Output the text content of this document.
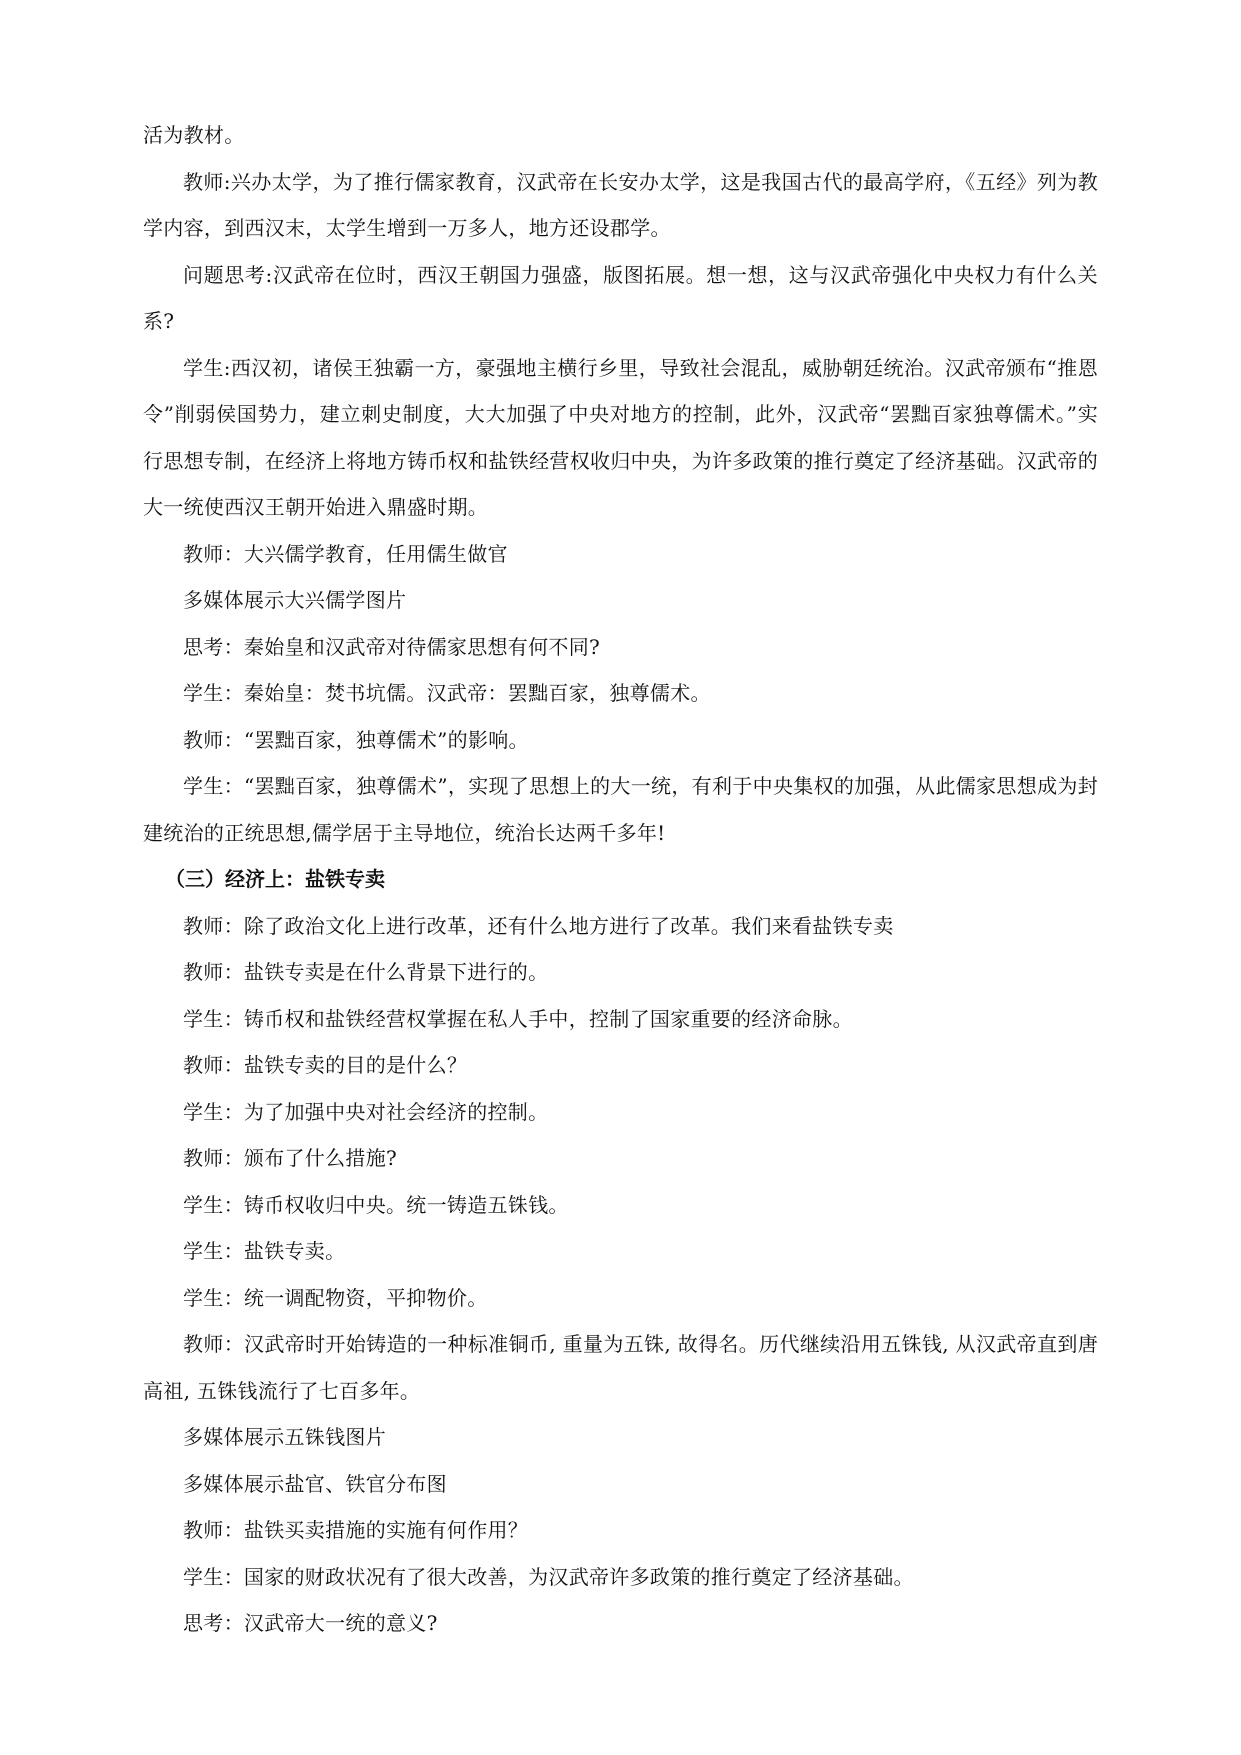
活为教材。

教师:兴办太学，为了推行儒家教育，汉武帝在长安办太学，这是我国古代的最高学府，《五经》列为教学内容，到西汉末，太学生增到一万多人，地方还设郡学。

问题思考:汉武帝在位时，西汉王朝国力强盛，版图拓展。想一想，这与汉武帝强化中央权力有什么关系?

学生:西汉初，诸侯王独霸一方，豪强地主横行乡里，导致社会混乱，威胁朝廷统治。汉武帝颁布“推恩令”削弱侯国势力，建立刺史制度，大大加强了中央对地方的控制，此外，汉武帝“罢黜百家独尊儒术。”实行思想专制，在经济上将地方铸币权和盐铁经营权收归中央，为许多政策的推行奠定了经济基础。汉武帝的大一统使西汉王朝开始进入鼎盛时期。

教师：大兴儒学教育，任用儒生做官

多媒体展示大兴儒学图片

思考：秦始皇和汉武帝对待儒家思想有何不同?

学生：秦始皇：焚书坑儒。汉武帝：罢黜百家，独尊儒术。

教师：“罢黜百家，独尊儒术”的影响。

学生：“罢黜百家，独尊儒术”，实现了思想上的大一统，有利于中央集权的加强，从此儒家思想成为封建统治的正统思想,儒学居于主导地位，统治长达两千多年!

（三）经济上：盐铁专卖

教师：除了政治文化上进行改革，还有什么地方进行了改革。我们来看盐铁专卖

教师：盐铁专卖是在什么背景下进行的。

学生：铸币权和盐铁经营权掌握在私人手中，控制了国家重要的经济命脉。

教师：盐铁专卖的目的是什么？

学生：为了加强中央对社会经济的控制。

教师：颁布了什么措施?

学生：铸币权收归中央。统一铸造五铢钱。

学生：盐铁专卖。

学生：统一调配物资，平抑物价。

教师：汉武帝时开始铸造的一种标准铜币, 重量为五铢, 故得名。历代继续沿用五铢钱, 从汉武帝直到唐高祖, 五铢钱流行了七百多年。

多媒体展示五铢钱图片

多媒体展示盐官、铁官分布图

教师：盐铁买卖措施的实施有何作用？

学生：国家的财政状况有了很大改善，为汉武帝许多政策的推行奠定了经济基础。

思考：汉武帝大一统的意义?
